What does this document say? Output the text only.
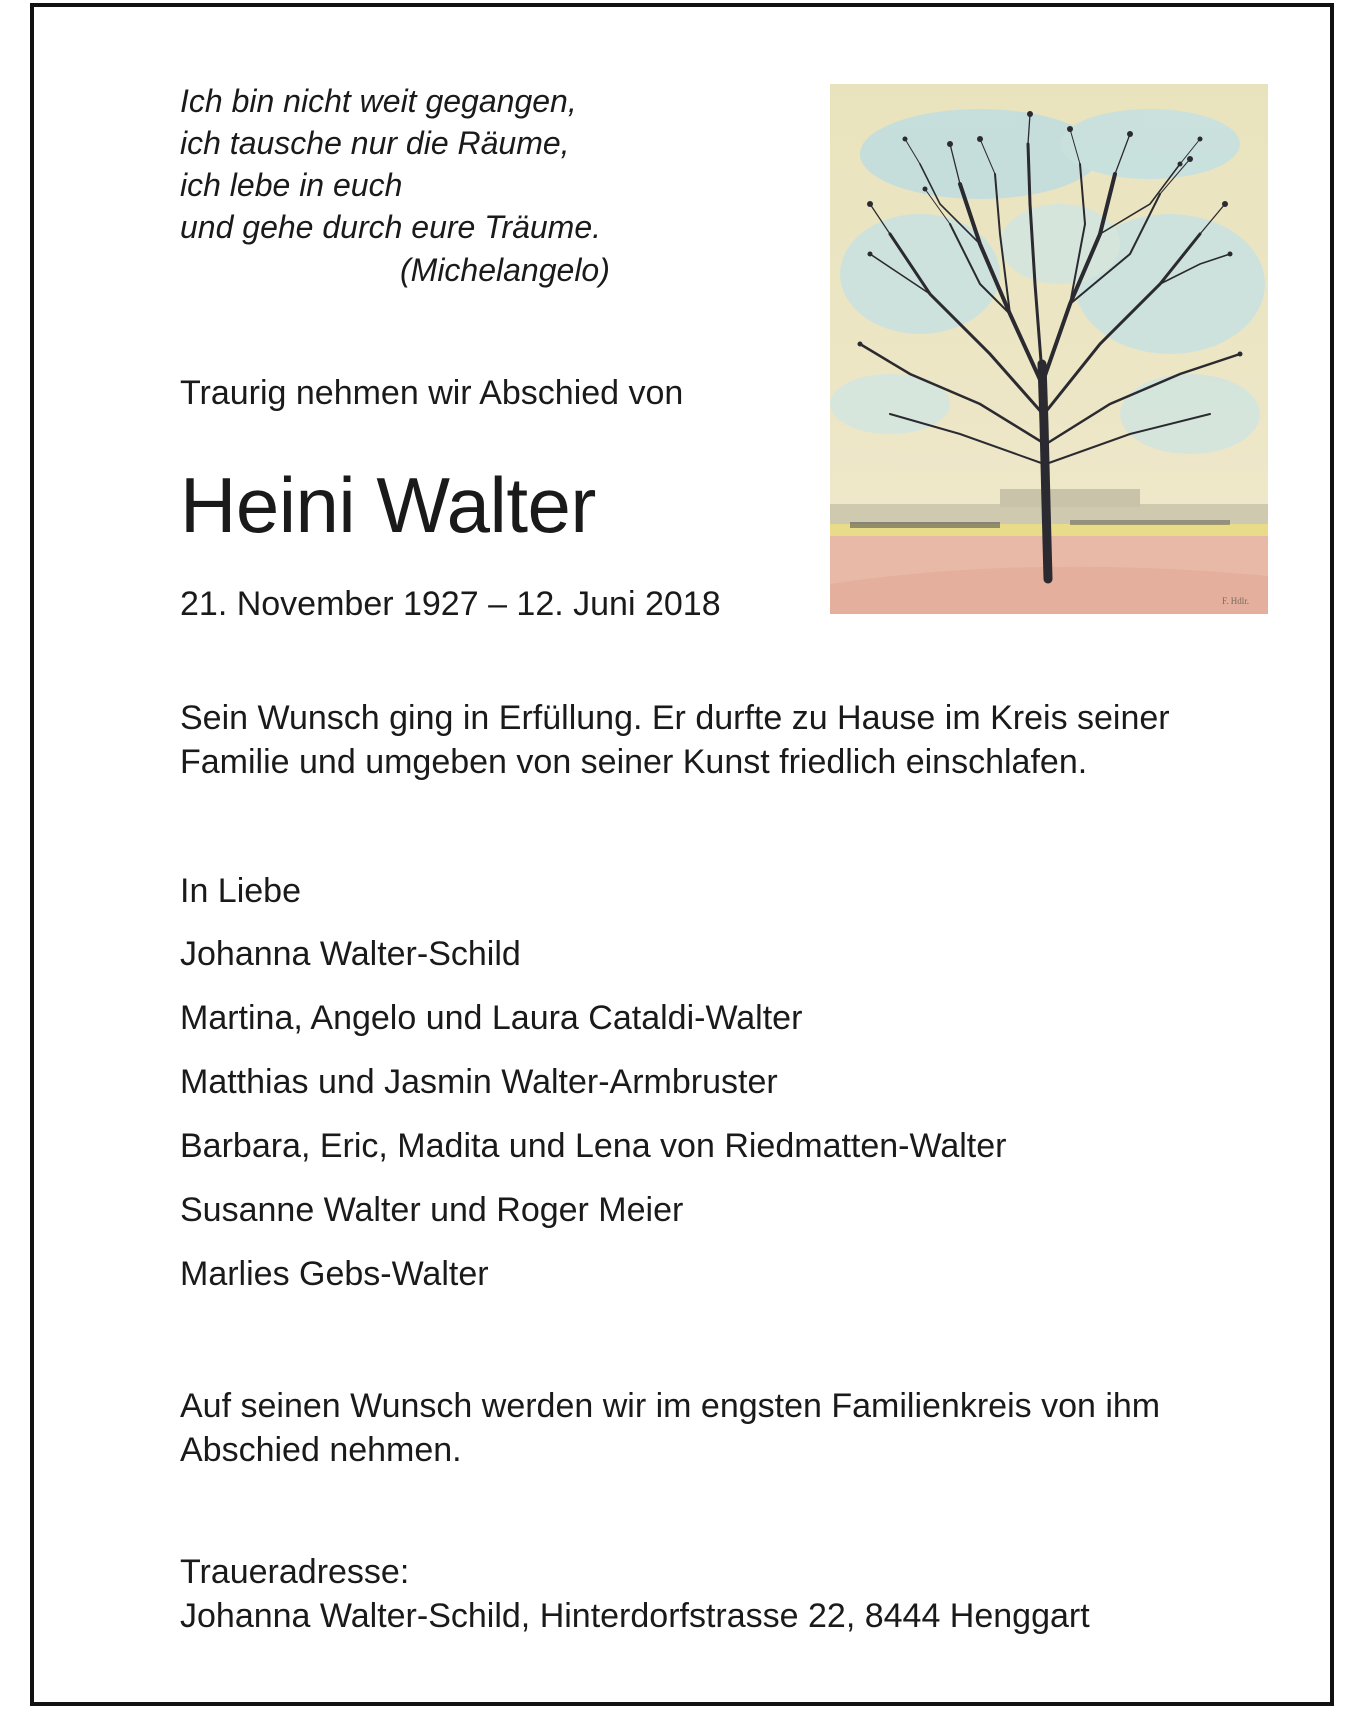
Ich bin nicht weit gegangen,
ich tausche nur die Räume,
ich lebe in euch
und gehe durch eure Träume.
(Michelangelo)
Traurig nehmen wir Abschied von
Heini Walter
21. November 1927 – 12. Juni 2018
Sein Wunsch ging in Erfüllung. Er durfte zu Hause im Kreis seiner
Familie und umgeben von seiner Kunst friedlich einschlafen.
In Liebe
Johanna Walter-Schild
Martina, Angelo und Laura Cataldi-Walter
Matthias und Jasmin Walter-Armbruster
Barbara, Eric, Madita und Lena von Riedmatten-Walter
Susanne Walter und Roger Meier
Marlies Gebs-Walter
Auf seinen Wunsch werden wir im engsten Familienkreis von ihm
Abschied nehmen.
Traueradresse:
Johanna Walter-Schild, Hinterdorfstrasse 22, 8444 Henggart
F. Hdlr.
